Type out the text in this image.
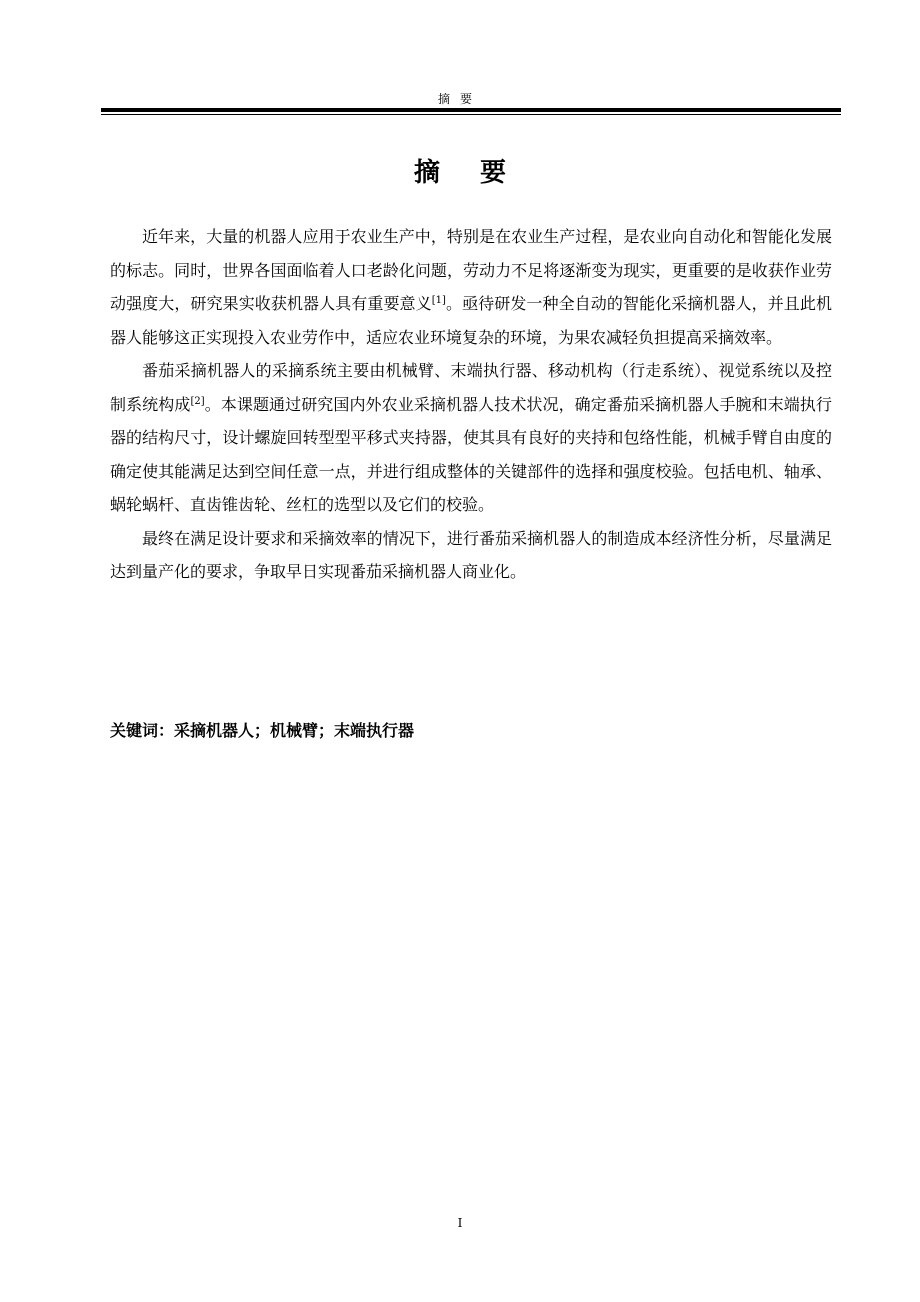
摘要
摘要

近年来，大量的机器人应用于农业生产中，特别是在农业生产过程，是农业向自动化和智能化发展的标志。同时，世界各国面临着人口老龄化问题，劳动力不足将逐渐变为现实，更重要的是收获作业劳动强度大，研究果实收获机器人具有重要意义[1]。亟待研发一种全自动的智能化采摘机器人，并且此机器人能够这正实现投入农业劳作中，适应农业环境复杂的环境，为果农减轻负担提高采摘效率。

番茄采摘机器人的采摘系统主要由机械臂、末端执行器、移动机构（行走系统）、视觉系统以及控制系统构成[2]。本课题通过研究国内外农业采摘机器人技术状况，确定番茄采摘机器人手腕和末端执行器的结构尺寸，设计螺旋回转型型平移式夹持器，使其具有良好的夹持和包络性能，机械手臂自由度的确定使其能满足达到空间任意一点，并进行组成整体的关键部件的选择和强度校验。包括电机、轴承、蜗轮蜗杆、直齿锥齿轮、丝杠的选型以及它们的校验。

最终在满足设计要求和采摘效率的情况下，进行番茄采摘机器人的制造成本经济性分析，尽量满足达到量产化的要求，争取早日实现番茄采摘机器人商业化。

关键词：采摘机器人；机械臂；末端执行器
I
